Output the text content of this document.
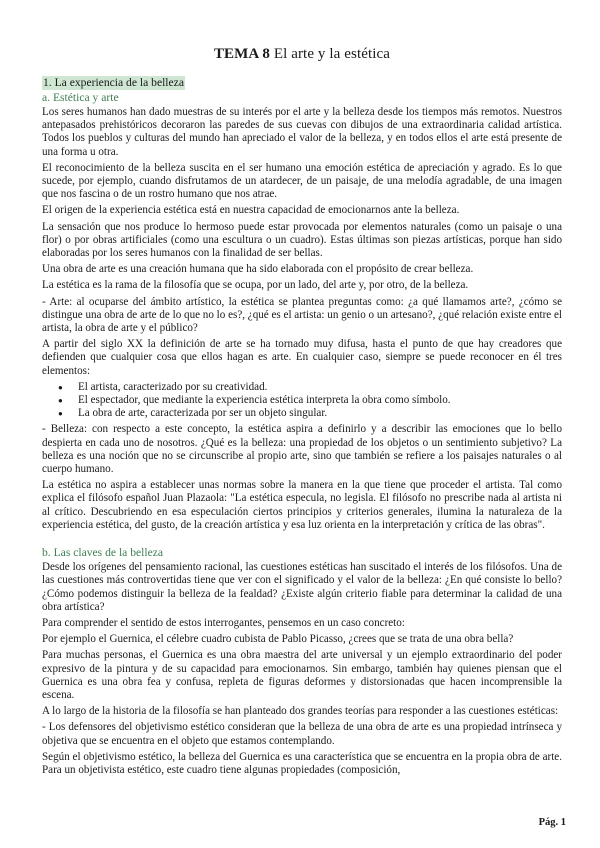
TEMA 8 El arte y la estética
1. La experiencia de la belleza
a. Estética y arte

Los seres humanos han dado muestras de su interés por el arte y la belleza desde los tiempos más remotos. Nuestros antepasados prehistóricos decoraron las paredes de sus cuevas con dibujos de una extraordinaria calidad artística. Todos los pueblos y culturas del mundo han apreciado el valor de la belleza, y en todos ellos el arte está presente de una forma u otra.

El reconocimiento de la belleza suscita en el ser humano una emoción estética de apreciación y agrado. Es lo que sucede, por ejemplo, cuando disfrutamos de un atardecer, de un paisaje, de una melodía agradable, de una imagen que nos fascina o de un rostro humano que nos atrae.

El origen de la experiencia estética está en nuestra capacidad de emocionarnos ante la belleza.

La sensación que nos produce lo hermoso puede estar provocada por elementos naturales (como un paisaje o una flor) o por obras artificiales (como una escultura o un cuadro). Estas últimas son piezas artísticas, porque han sido elaboradas por los seres humanos con la finalidad de ser bellas.

Una obra de arte es una creación humana que ha sido elaborada con el propósito de crear belleza.

La estética es la rama de la filosofía que se ocupa, por un lado, del arte y, por otro, de la belleza.

- Arte: al ocuparse del ámbito artístico, la estética se plantea preguntas como: ¿a qué llamamos arte?, ¿cómo se distingue una obra de arte de lo que no lo es?, ¿qué es el artista: un genio o un artesano?, ¿qué relación existe entre el artista, la obra de arte y el público?

A partir del siglo XX la definición de arte se ha tornado muy difusa, hasta el punto de que hay creadores que defienden que cualquier cosa que ellos hagan es arte. En cualquier caso, siempre se puede reconocer en él tres elementos:

● El artista, caracterizado por su creatividad.
● El espectador, que mediante la experiencia estética interpreta la obra como símbolo.
● La obra de arte, caracterizada por ser un objeto singular.

- Belleza: con respecto a este concepto, la estética aspira a definirlo y a describir las emociones que lo bello despierta en cada uno de nosotros. ¿Qué es la belleza: una propiedad de los objetos o un sentimiento subjetivo? La belleza es una noción que no se circunscribe al propio arte, sino que también se refiere a los paisajes naturales o al cuerpo humano.

La estética no aspira a establecer unas normas sobre la manera en la que tiene que proceder el artista. Tal como explica el filósofo español Juan Plazaola: "La estética especula, no legisla. El filósofo no prescribe nada al artista ni al crítico. Descubriendo en esa especulación ciertos principios y criterios generales, ilumina la naturaleza de la experiencia estética, del gusto, de la creación artística y esa luz orienta en la interpretación y crítica de las obras".

b. Las claves de la belleza

Desde los orígenes del pensamiento racional, las cuestiones estéticas han suscitado el interés de los filósofos. Una de las cuestiones más controvertidas tiene que ver con el significado y el valor de la belleza: ¿En qué consiste lo bello? ¿Cómo podemos distinguir la belleza de la fealdad? ¿Existe algún criterio fiable para determinar la calidad de una obra artística?

Para comprender el sentido de estos interrogantes, pensemos en un caso concreto:

Por ejemplo el Guernica, el célebre cuadro cubista de Pablo Picasso, ¿crees que se trata de una obra bella?

Para muchas personas, el Guernica es una obra maestra del arte universal y un ejemplo extraordinario del poder expresivo de la pintura y de su capacidad para emocionarnos. Sin embargo, también hay quienes piensan que el Guernica es una obra fea y confusa, repleta de figuras deformes y distorsionadas que hacen incomprensible la escena.

A lo largo de la historia de la filosofía se han planteado dos grandes teorías para responder a las cuestiones estéticas:

- Los defensores del objetivismo estético consideran que la belleza de una obra de arte es una propiedad intrínseca y objetiva que se encuentra en el objeto que estamos contemplando.

Según el objetivismo estético, la belleza del Guernica es una característica que se encuentra en la propia obra de arte. Para un objetivista estético, este cuadro tiene algunas propiedades (composición,

Pág. 1
